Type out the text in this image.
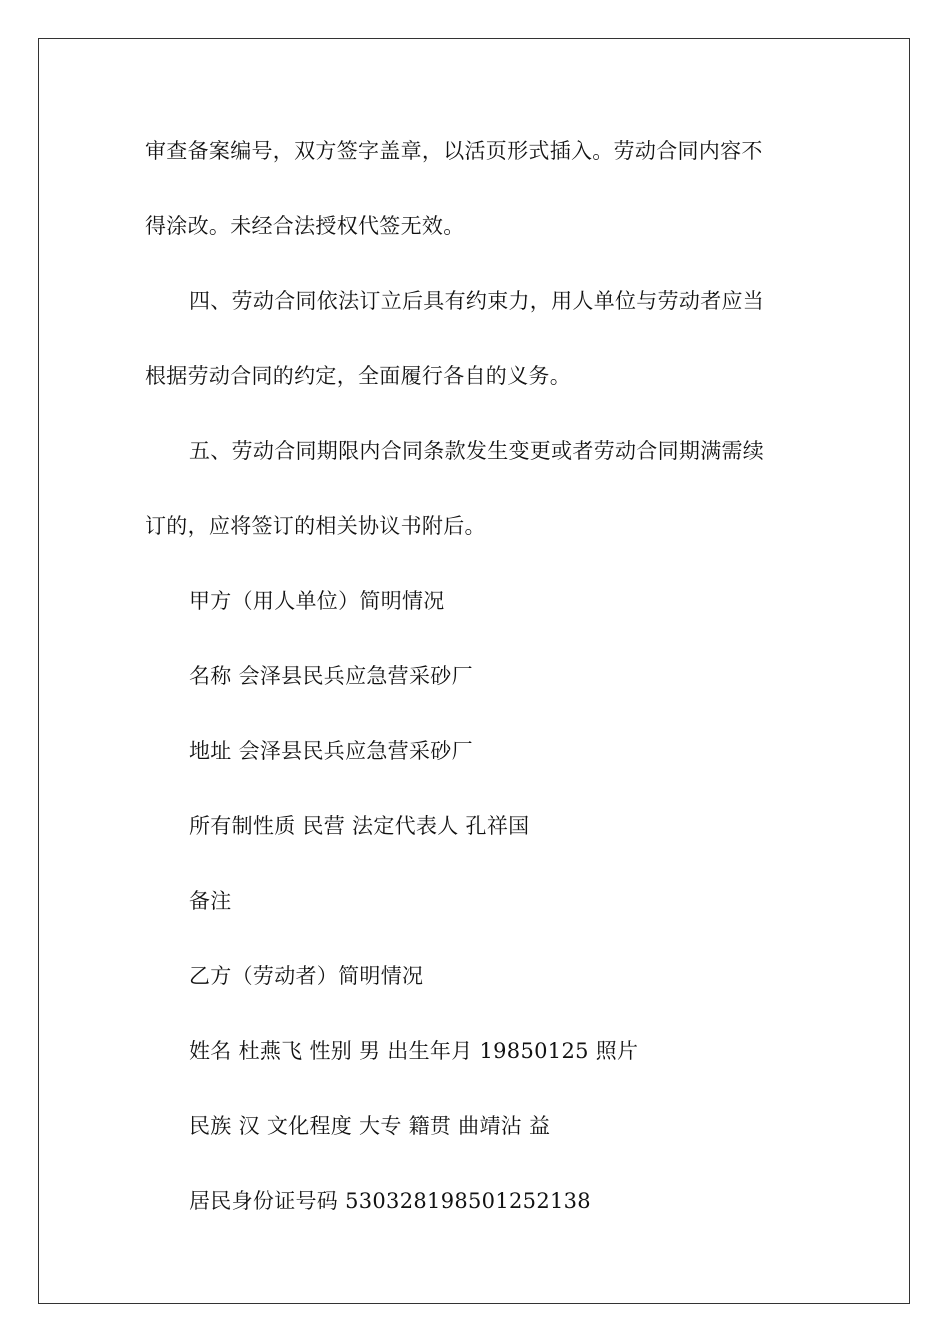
审查备案编号，双方签字盖章，以活页形式插入。劳动合同内容不
得涂改。未经合法授权代签无效。
四、劳动合同依法订立后具有约束力，用人单位与劳动者应当
根据劳动合同的约定，全面履行各自的义务。
五、劳动合同期限内合同条款发生变更或者劳动合同期满需续
订的，应将签订的相关协议书附后。
甲方（用人单位）简明情况
名称 会泽县民兵应急营采砂厂
地址 会泽县民兵应急营采砂厂
所有制性质 民营 法定代表人 孔祥国
备注
乙方（劳动者）简明情况
姓名 杜燕飞 性别 男 出生年月 19850125 照片
民族 汉 文化程度 大专 籍贯 曲靖沾 益
居民身份证号码 530328198501252138
